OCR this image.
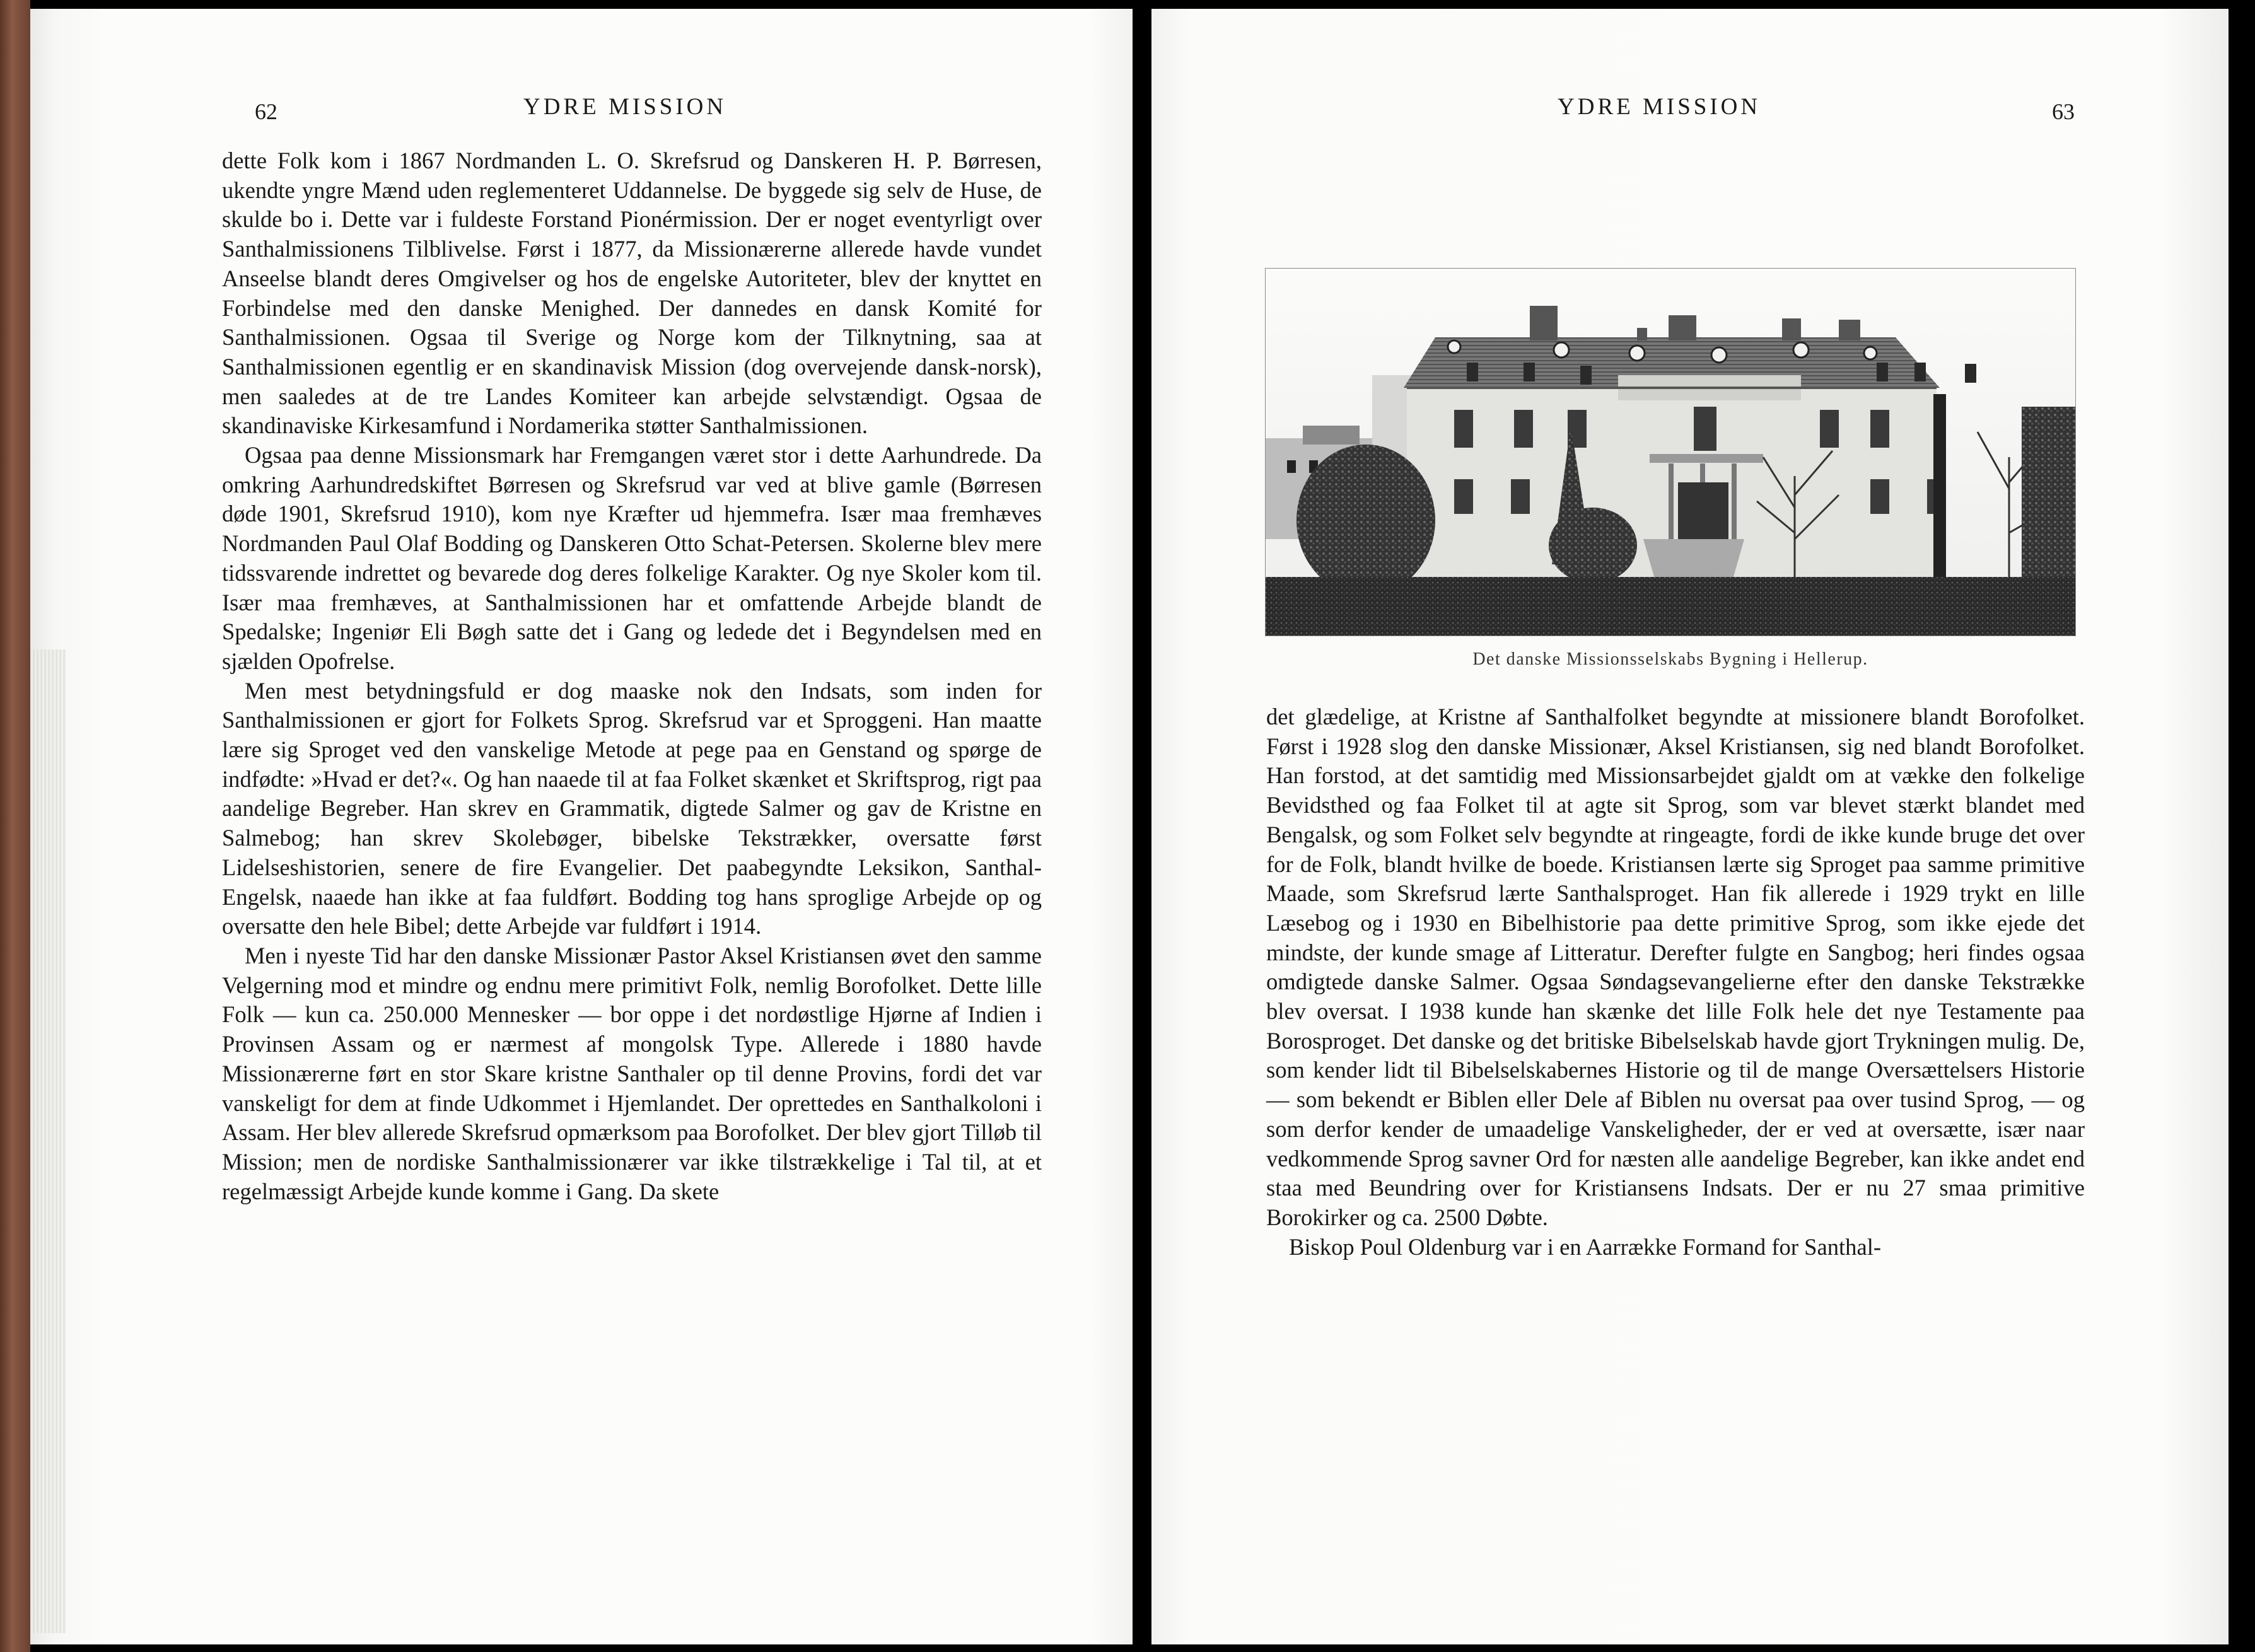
62	YDRE MISSION

dette Folk kom i 1867 Nordmanden L. O. Skrefsrud og Danskeren H. P. Børresen, ukendte yngre Mænd uden reglementeret Uddannelse. De byggede sig selv de Huse, de skulde bo i. Dette var i fuldeste Forstand Pionérmission. Der er noget eventyrligt over Santhalmissionens Tilblivelse. Først i 1877, da Missionærerne allerede havde vundet Anseelse blandt deres Omgivelser og hos de engelske Autoriteter, blev der knyttet en Forbindelse med den danske Menighed. Der dannedes en dansk Komité for Santhalmissionen. Ogsaa til Sverige og Norge kom der Tilknytning, saa at Santhalmissionen egentlig er en skandinavisk Mission (dog overvejende dansk-norsk), men saaledes at de tre Landes Komiteer kan arbejde selvstændigt. Ogsaa de skandinaviske Kirkesamfund i Nordamerika støtter Santhalmissionen.

Ogsaa paa denne Missionsmark har Fremgangen været stor i dette Aarhundrede. Da omkring Aarhundredskiftet Børresen og Skrefsrud var ved at blive gamle (Børresen døde 1901, Skrefsrud 1910), kom nye Kræfter ud hjemmefra. Især maa fremhæves Nordmanden Paul Olaf Bodding og Danskeren Otto Schat-Petersen. Skolerne blev mere tidssvarende indrettet og bevarede dog deres folkelige Karakter. Og nye Skoler kom til. Især maa fremhæves, at Santhalmissionen har et omfattende Arbejde blandt de Spedalske; Ingeniør Eli Bøgh satte det i Gang og ledede det i Begyndelsen med en sjælden Opofrelse.

Men mest betydningsfuld er dog maaske nok den Indsats, som inden for Santhalmissionen er gjort for Folkets Sprog. Skrefsrud var et Sproggeni. Han maatte lære sig Sproget ved den vanskelige Metode at pege paa en Genstand og spørge de indfødte: »Hvad er det?«. Og han naaede til at faa Folket skænket et Skriftsprog, rigt paa aandelige Begreber. Han skrev en Grammatik, digtede Salmer og gav de Kristne en Salmebog; han skrev Skolebøger, bibelske Tekstrækker, oversatte først Lidelseshistorien, senere de fire Evangelier. Det paabegyndte Leksikon, Santhal-Engelsk, naaede han ikke at faa fuldført. Bodding tog hans sproglige Arbejde op og oversatte den hele Bibel; dette Arbejde var fuldført i 1914.

Men i nyeste Tid har den danske Missionær Pastor Aksel Kristiansen øvet den samme Velgerning mod et mindre og endnu mere primitivt Folk, nemlig Borofolket. Dette lille Folk — kun ca. 250.000 Mennesker — bor oppe i det nordøstlige Hjørne af Indien i Provinsen Assam og er nærmest af mongolsk Type. Allerede i 1880 havde Missionærerne ført en stor Skare kristne Santhaler op til denne Provins, fordi det var vanskeligt for dem at finde Udkommet i Hjemlandet. Der oprettedes en Santhalkoloni i Assam. Her blev allerede Skrefsrud opmærksom paa Borofolket. Der blev gjort Tilløb til Mission; men de nordiske Santhalmissionærer var ikke tilstrækkelige i Tal til, at et regelmæssigt Arbejde kunde komme i Gang. Da skete

YDRE MISSION	63
Det danske Missionsselskabs Bygning i Hellerup.

det glædelige, at Kristne af Santhalfolket begyndte at missionere blandt Borofolket. Først i 1928 slog den danske Missionær, Aksel Kristiansen, sig ned blandt Borofolket. Han forstod, at det samtidig med Missionsarbejdet gjaldt om at vække den folkelige Bevidsthed og faa Folket til at agte sit Sprog, som var blevet stærkt blandet med Bengalsk, og som Folket selv begyndte at ringeagte, fordi de ikke kunde bruge det over for de Folk, blandt hvilke de boede. Kristiansen lærte sig Sproget paa samme primitive Maade, som Skrefsrud lærte Santhalsproget. Han fik allerede i 1929 trykt en lille Læsebog og i 1930 en Bibelhistorie paa dette primitive Sprog, som ikke ejede det mindste, der kunde smage af Litteratur. Derefter fulgte en Sangbog; heri findes ogsaa omdigtede danske Salmer. Ogsaa Søndagsevangelierne efter den danske Tekstrække blev oversat. I 1938 kunde han skænke det lille Folk hele det nye Testamente paa Borosproget. Det danske og det britiske Bibelselskab havde gjort Trykningen mulig. De, som kender lidt til Bibelselskabernes Historie og til de mange Oversættelsers Historie — som bekendt er Biblen eller Dele af Biblen nu oversat paa over tusind Sprog, — og som derfor kender de umaadelige Vanskeligheder, der er ved at oversætte, især naar vedkommende Sprog savner Ord for næsten alle aandelige Begreber, kan ikke andet end staa med Beundring over for Kristiansens Indsats. Der er nu 27 smaa primitive Borokirker og ca. 2500 Døbte.

Biskop Poul Oldenburg var i en Aarrække Formand for Santhal-
